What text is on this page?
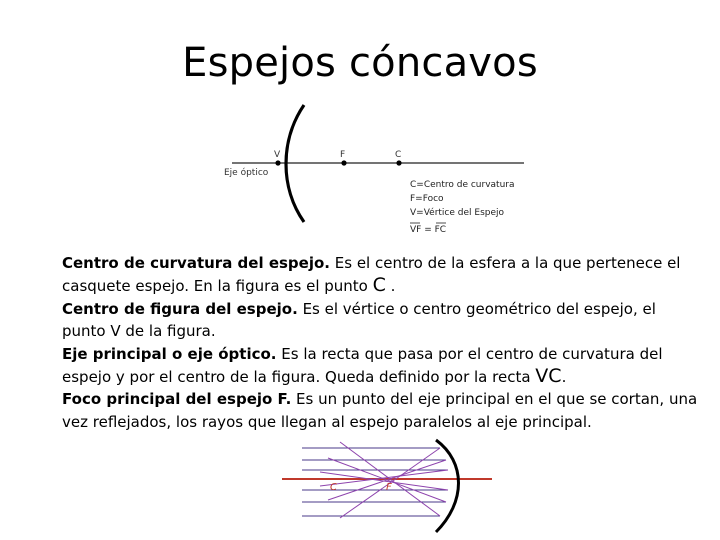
Espejos cóncavos
V	F	C
Eje óptico
C=Centro de curvatura
F=Foco
V=Vértice del Espejo
VF = FC

Centro de curvatura del espejo. Es el centro de la esfera a la que pertenece el casquete espejo. En la figura es el punto C .

Centro de figura del espejo. Es el vértice o centro geométrico del espejo, el punto V de la figura.

Eje principal o eje óptico. Es la recta que pasa por el centro de curvatura del espejo y por el centro de la figura. Queda definido por la recta VC.

Foco principal del espejo F. Es un punto del eje principal en el que se cortan, una vez reflejados, los rayos que llegan al espejo paralelos al eje principal.

C	F
